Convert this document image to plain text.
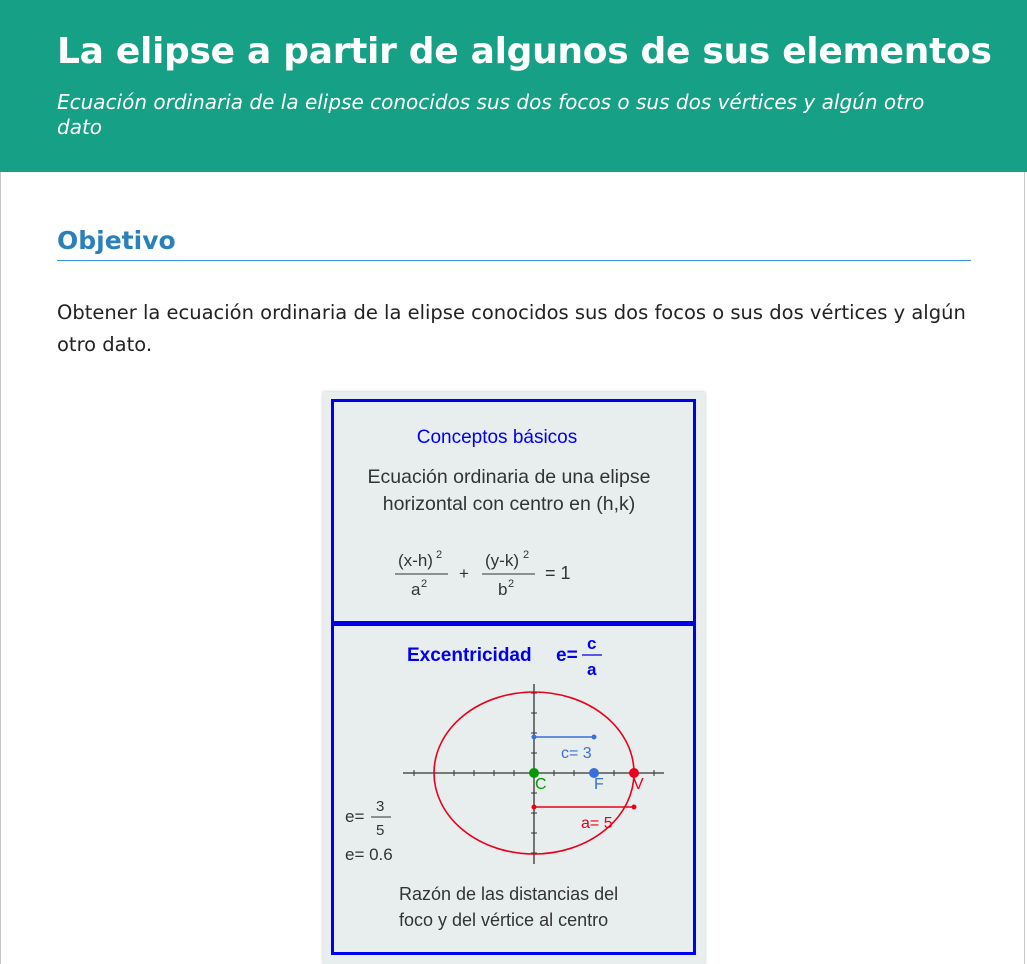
La elipse a partir de algunos de sus elementos

Ecuación ordinaria de la elipse conocidos sus dos focos o sus dos vértices y algún otro dato

Objetivo

Obtener la ecuación ordinaria de la elipse conocidos sus dos focos o sus dos vértices y algún otro dato.

Conceptos básicos
Ecuación ordinaria de una elipse
horizontal con centro en (h,k)
(x-h) 2
a 2
+
(y-k) 2
b 2
= 1
Excentricidad e=
c
a
e=
3
5
e= 0.6
c= 3
a= 5
C	F V
Razón de las distancias del
foco y del vértice al centro
